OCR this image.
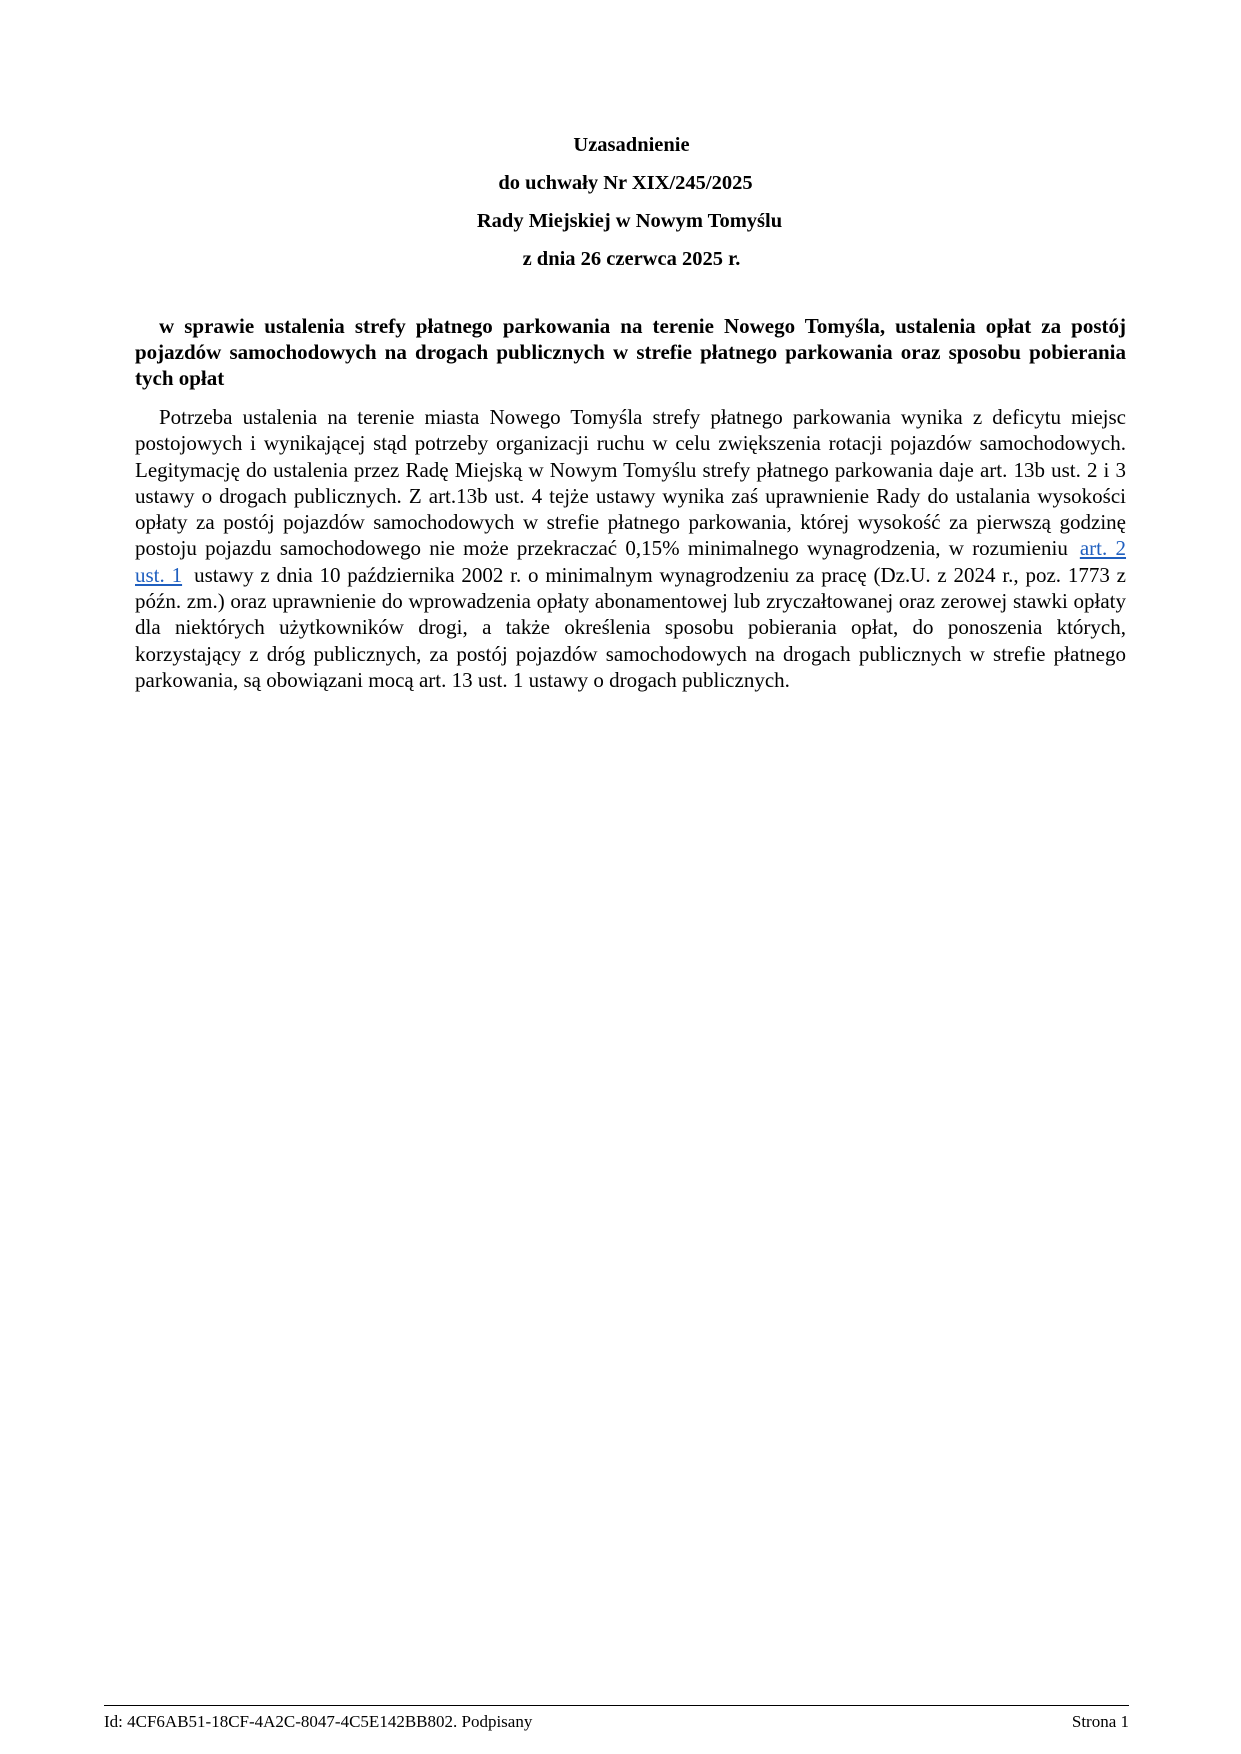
Uzasadnienie
do uchwały Nr XIX/245/2025
Rady Miejskiej w Nowym Tomyślu
z dnia 26 czerwca 2025 r.
w sprawie ustalenia strefy płatnego parkowania na terenie Nowego Tomyśla, ustalenia opłat za postój pojazdów samochodowych na drogach publicznych w strefie płatnego parkowania oraz sposobu pobierania tych opłat
Potrzeba ustalenia na terenie miasta Nowego Tomyśla strefy płatnego parkowania wynika z deficytu miejsc postojowych i wynikającej stąd potrzeby organizacji ruchu w celu zwiększenia rotacji pojazdów samochodowych. Legitymację do ustalenia przez Radę Miejską w Nowym Tomyślu strefy płatnego parkowania daje art. 13b ust. 2 i 3 ustawy o drogach publicznych. Z art.13b ust. 4 tejże ustawy wynika zaś uprawnienie Rady do ustalania wysokości opłaty za postój pojazdów samochodowych w strefie płatnego parkowania, której wysokość za pierwszą godzinę postoju pojazdu samochodowego nie może przekraczać 0,15% minimalnego wynagrodzenia, w rozumieniu art. 2 ust. 1 ustawy z dnia 10 października 2002 r. o minimalnym wynagrodzeniu za pracę (Dz.U. z 2024 r., poz. 1773 z późn. zm.) oraz uprawnienie do wprowadzenia opłaty abonamentowej lub zryczałtowanej oraz zerowej stawki opłaty dla niektórych użytkowników drogi, a także określenia sposobu pobierania opłat, do ponoszenia których, korzystający z dróg publicznych, za postój pojazdów samochodowych na drogach publicznych w strefie płatnego parkowania, są obowiązani mocą art. 13 ust. 1 ustawy o drogach publicznych.
Id: 4CF6AB51-18CF-4A2C-8047-4C5E142BB802. Podpisany	Strona 1
